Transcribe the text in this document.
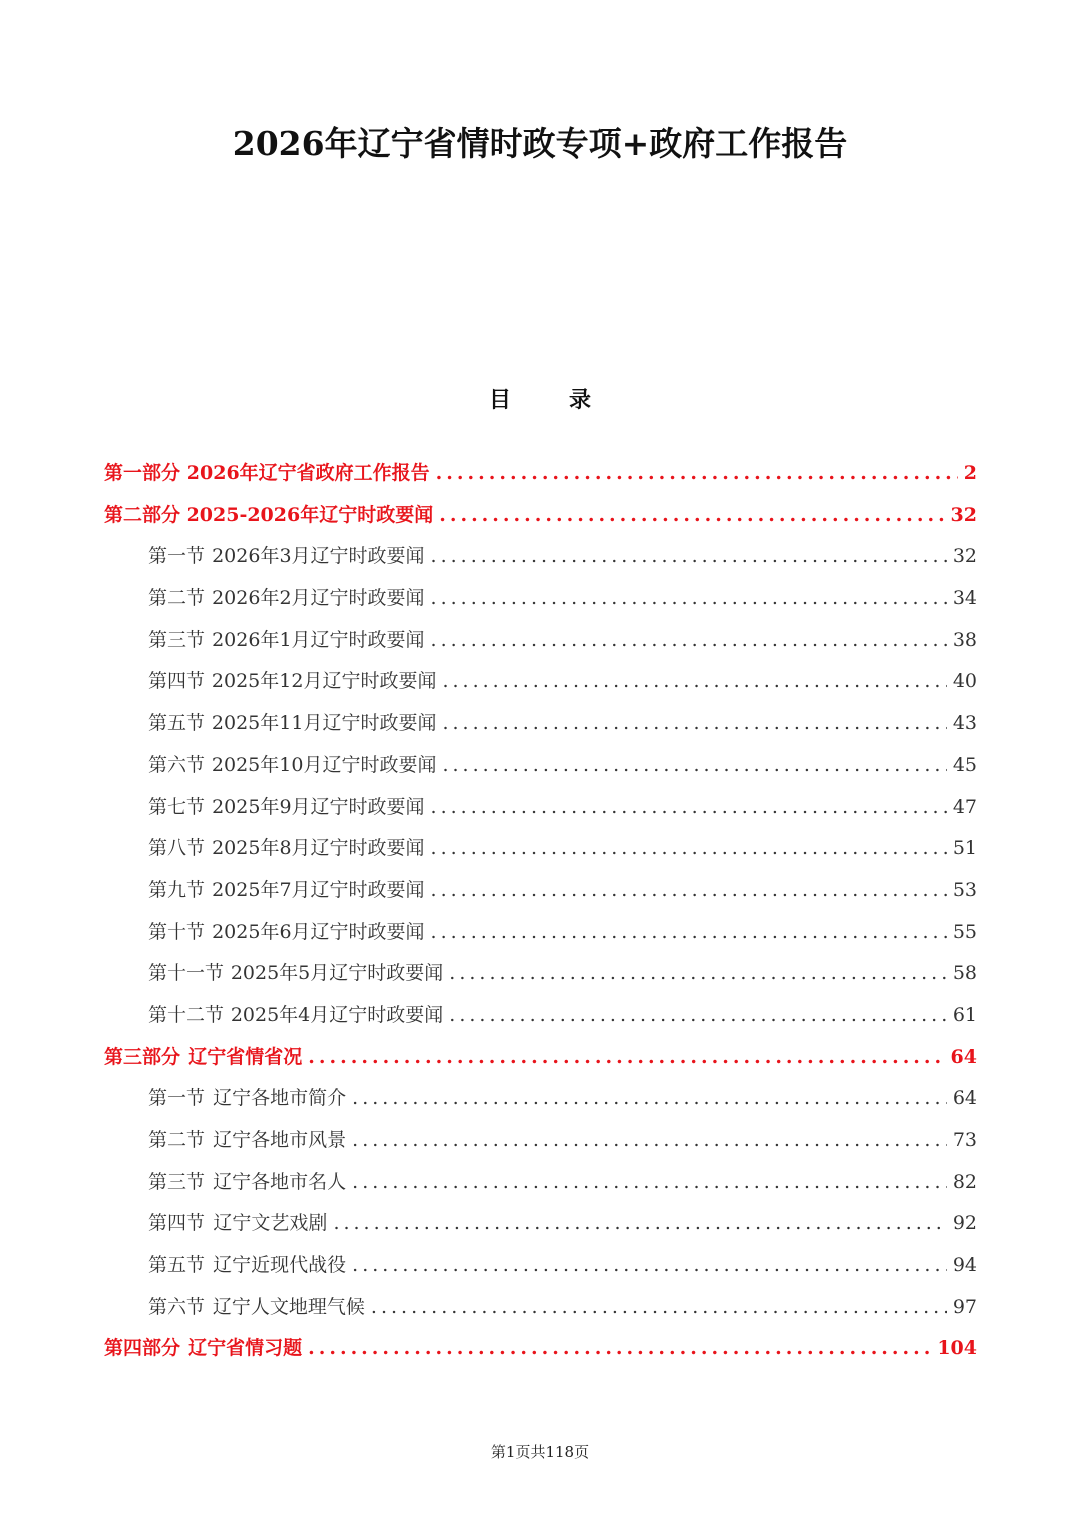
2026年辽宁省情时政专项+政府工作报告
目录
第一部分 2026年辽宁省政府工作报告 .....	2
第二部分 2025-2026年辽宁时政要闻 .....	32
第一节 2026年3月辽宁时政要闻 .....	32
第二节 2026年2月辽宁时政要闻 .....	34
第三节 2026年1月辽宁时政要闻 .....	38
第四节 2025年12月辽宁时政要闻 .....	40
第五节 2025年11月辽宁时政要闻 .....	43
第六节 2025年10月辽宁时政要闻 .....	45
第七节 2025年9月辽宁时政要闻 .....	47
第八节 2025年8月辽宁时政要闻 .....	51
第九节 2025年7月辽宁时政要闻 .....	53
第十节 2025年6月辽宁时政要闻 .....	55
第十一节 2025年5月辽宁时政要闻 .....	58
第十二节 2025年4月辽宁时政要闻 .....	61
第三部分 辽宁省情省况 .....	64
第一节 辽宁各地市简介 .....	64
第二节 辽宁各地市风景 .....	73
第三节 辽宁各地市名人 .....	82
第四节 辽宁文艺戏剧 .....	92
第五节 辽宁近现代战役 .....	94
第六节 辽宁人文地理气候 .....	97
第四部分 辽宁省情习题 .....	104
第1页共118页
